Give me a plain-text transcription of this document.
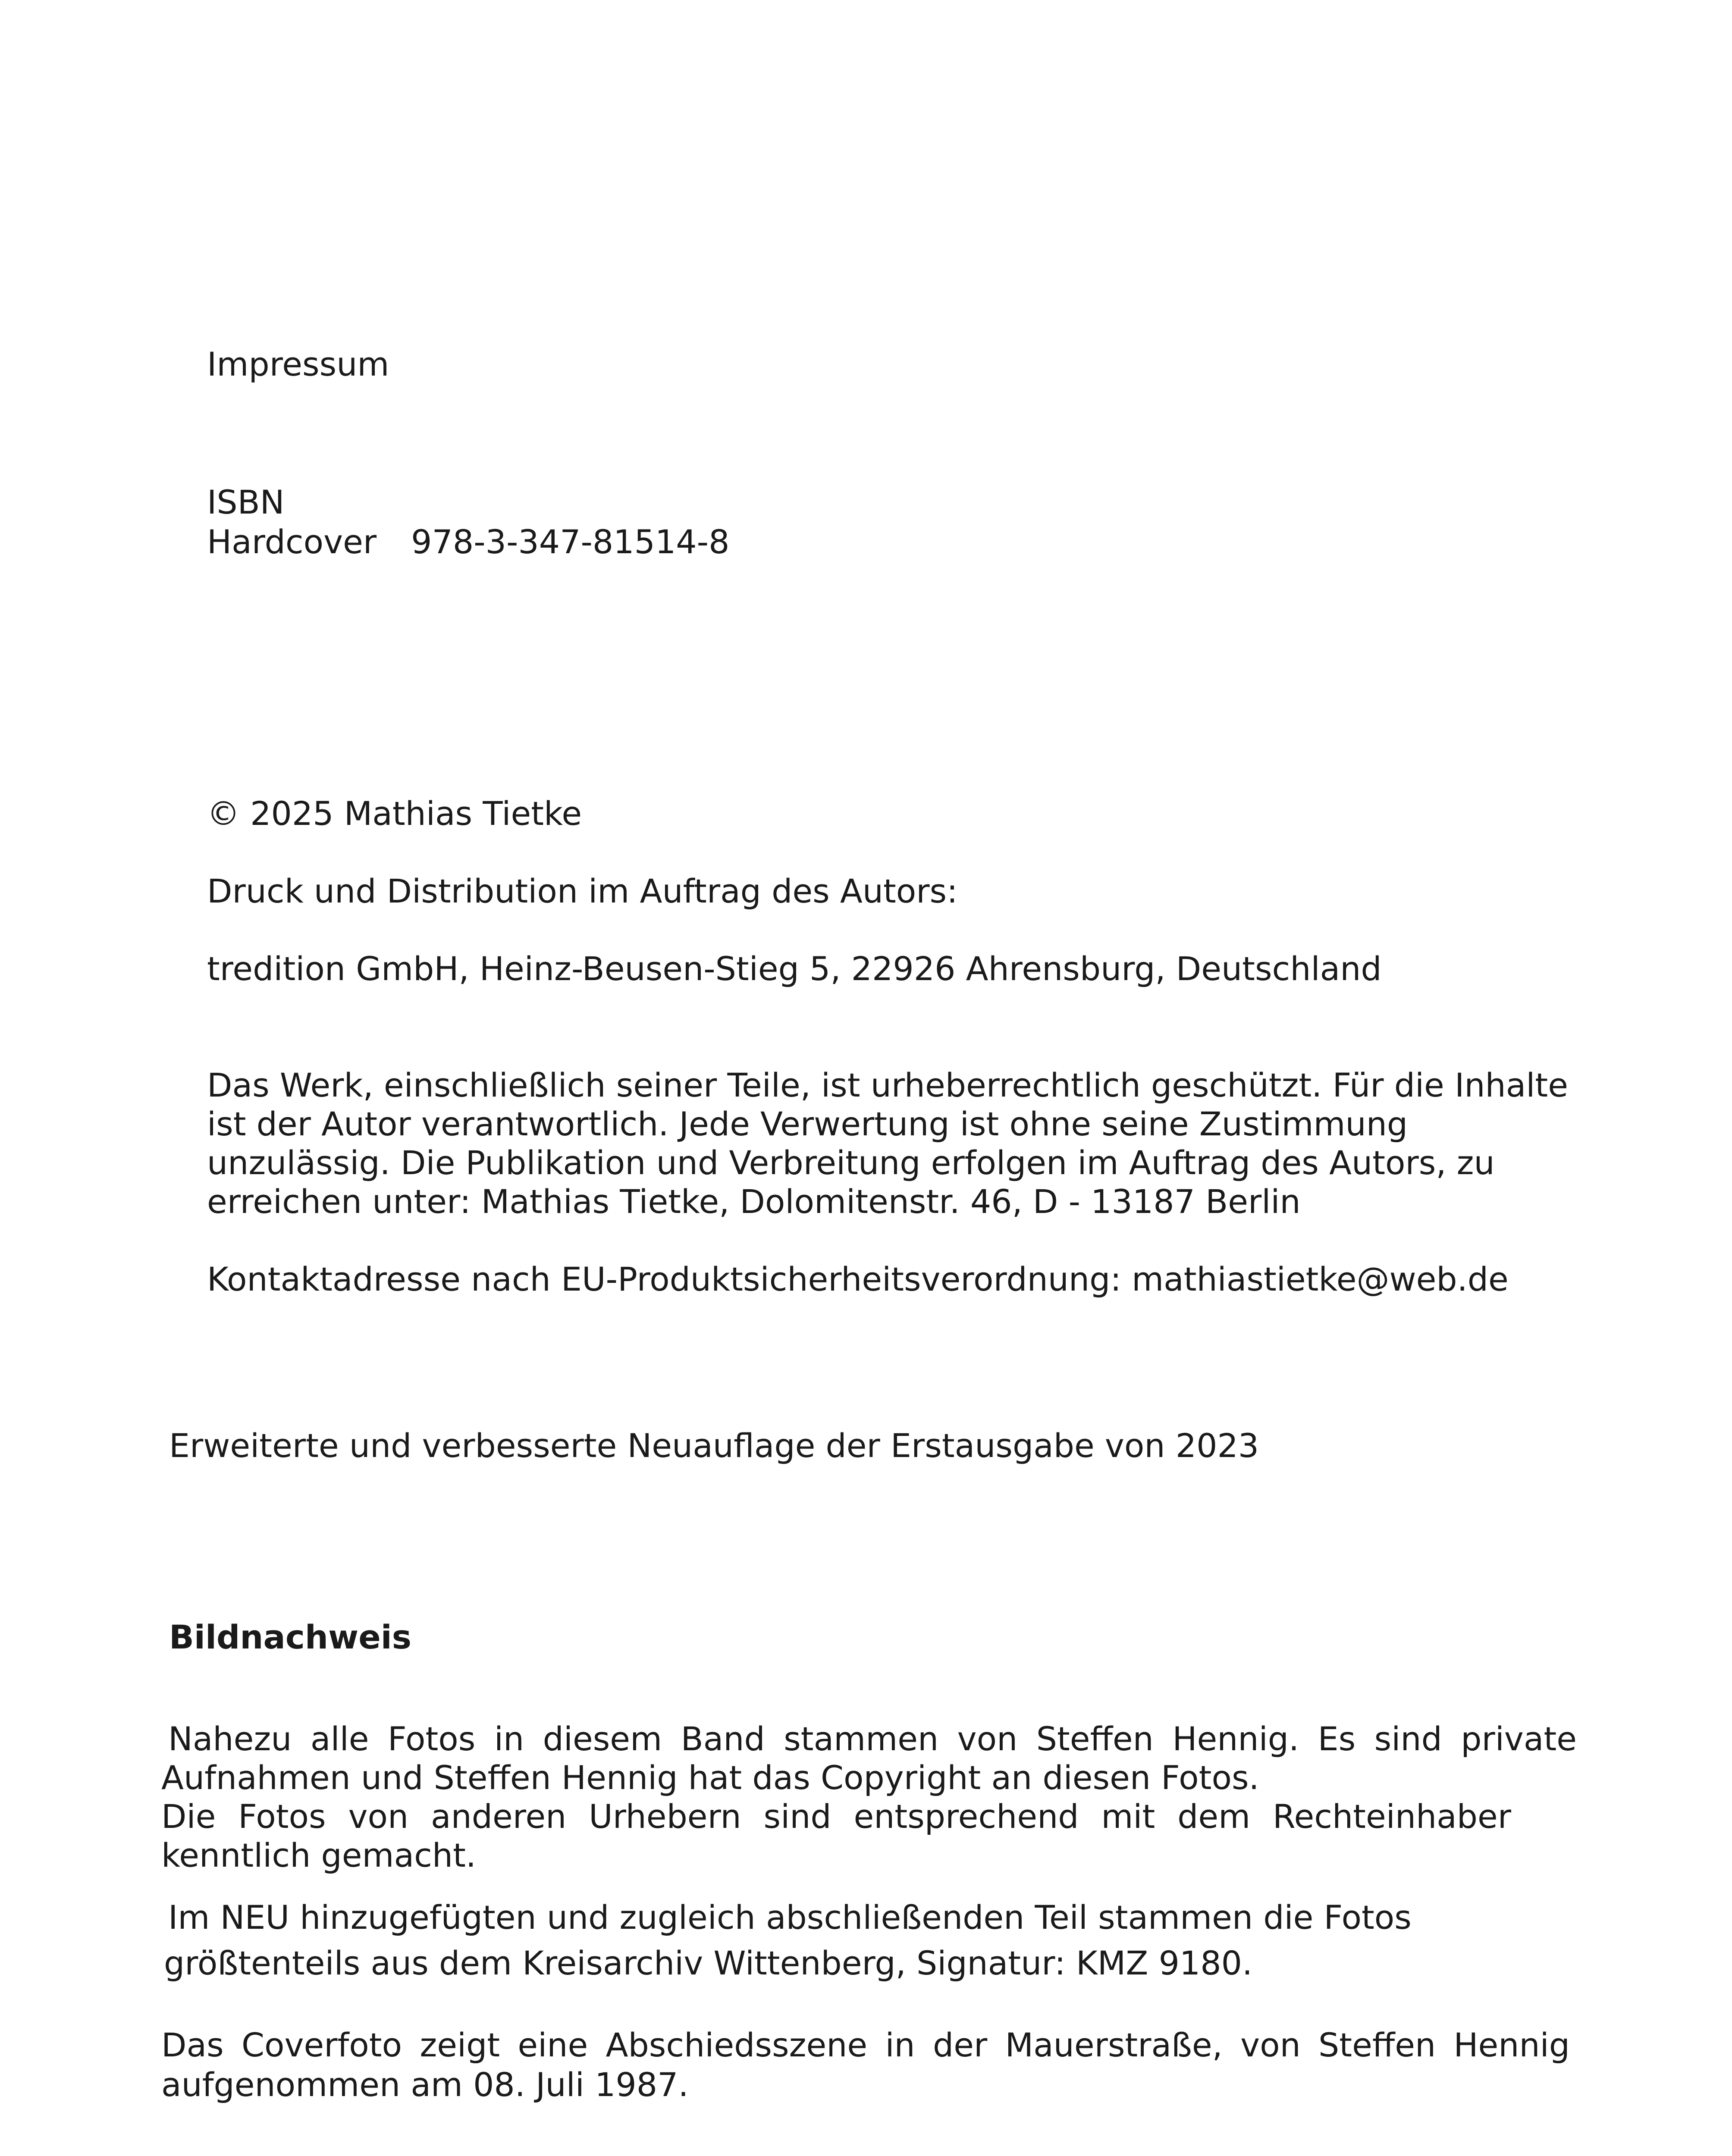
Impressum

ISBN

Hardcover 978-3-347-81514-8

© 2025 Mathias Tietke

Druck und Distribution im Auftrag des Autors:

tredition GmbH, Heinz-Beusen-Stieg 5, 22926 Ahrensburg, Deutschland

Das Werk, einschließlich seiner Teile, ist urheberrechtlich geschützt. Für die Inhalte

ist der Autor verantwortlich. Jede Verwertung ist ohne seine Zustimmung

unzulässig. Die Publikation und Verbreitung erfolgen im Auftrag des Autors, zu

erreichen unter: Mathias Tietke, Dolomitenstr. 46, D - 13187 Berlin

Kontaktadresse nach EU-Produktsicherheitsverordnung: mathiastietke@web.de

Erweiterte und verbesserte Neuauflage der Erstausgabe von 2023

Bildnachweis

Nahezu alle Fotos in diesem Band stammen von Steffen Hennig. Es sind private

Aufnahmen und Steffen Hennig hat das Copyright an diesen Fotos.

Die Fotos von anderen Urhebern sind entsprechend mit dem Rechteinhaber

kenntlich gemacht.

Im NEU hinzugefügten und zugleich abschließenden Teil stammen die Fotos

größtenteils aus dem Kreisarchiv Wittenberg, Signatur: KMZ 9180.

Das Coverfoto zeigt eine Abschiedsszene in der Mauerstraße, von Steffen Hennig

aufgenommen am 08. Juli 1987.
